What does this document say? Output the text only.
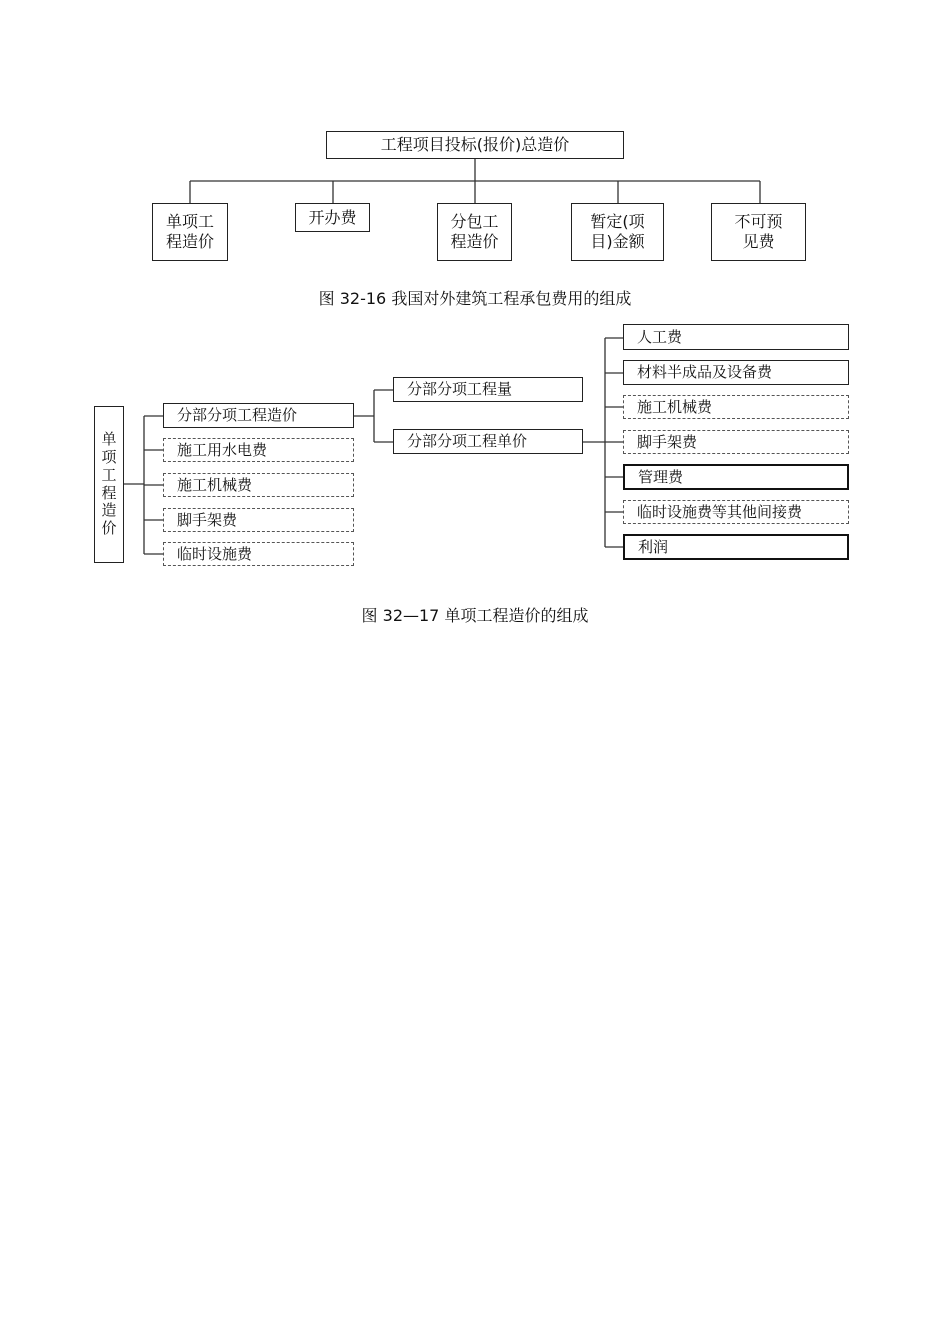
工程项目投标(报价)总造价
单项工
程造价
开办费	分包工
程造价
暂定(项
目)金额
不可预
见费
图 32-16 我国对外建筑工程承包费用的组成
单
项
工
程
造
价
分部分项工程造价
施工用水电费
施工机械费
脚手架费
临时设施费
分部分项工程量
分部分项工程单价
人工费
材料半成品及设备费
施工机械费
脚手架费
管理费
临时设施费等其他间接费
利润
图 32—17 单项工程造价的组成
